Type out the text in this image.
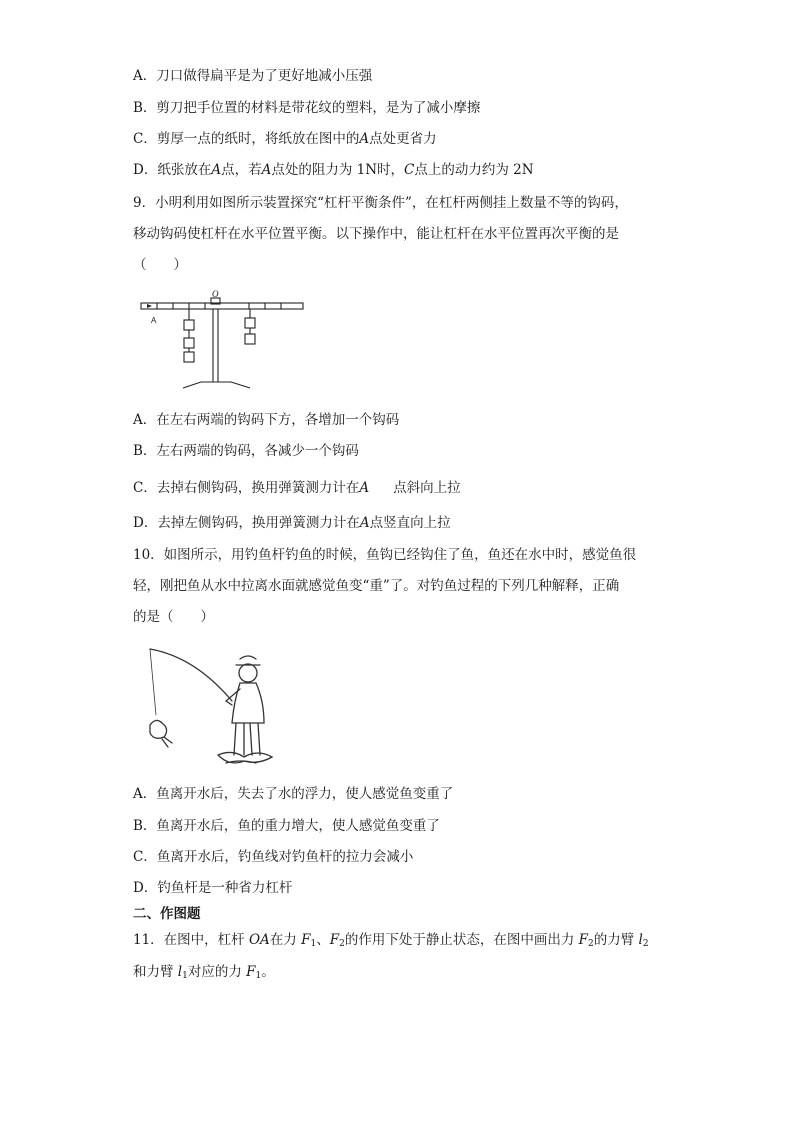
A．刀口做得扁平是为了更好地减小压强
B．剪刀把手位置的材料是带花纹的塑料，是为了减小摩擦
C．剪厚一点的纸时，将纸放在图中的A点处更省力
D．纸张放在A点，若A点处的阻力为 1N时，C点上的动力约为 2N
9．小明利用如图所示装置探究“杠杆平衡条件”，在杠杆两侧挂上数量不等的钩码，
移动钩码使杠杆在水平位置平衡。以下操作中，能让杠杆在水平位置再次平衡的是
（　　）
O
A
A．在左右两端的钩码下方，各增加一个钩码
B．左右两端的钩码，各减少一个钩码
C．去掉右侧钩码，换用弹簧测力计在A 点斜向上拉
D．去掉左侧钩码，换用弹簧测力计在A点竖直向上拉
10．如图所示，用钓鱼杆钓鱼的时候，鱼钩已经钩住了鱼，鱼还在水中时，感觉鱼很
轻，刚把鱼从水中拉离水面就感觉鱼变“重”了。对钓鱼过程的下列几种解释，正确
的是（　　）
A．鱼离开水后，失去了水的浮力，使人感觉鱼变重了
B．鱼离开水后，鱼的重力增大，使人感觉鱼变重了
C．鱼离开水后，钓鱼线对钓鱼杆的拉力会减小
D．钓鱼杆是一种省力杠杆
二、作图题
11．在图中，杠杆 OA在力 $F_1$、$F_2$的作用下处于静止状态，在图中画出力 $F_2$的力臂 $l_2$
和力臂 $l_1$对应的力 $F_1$。
